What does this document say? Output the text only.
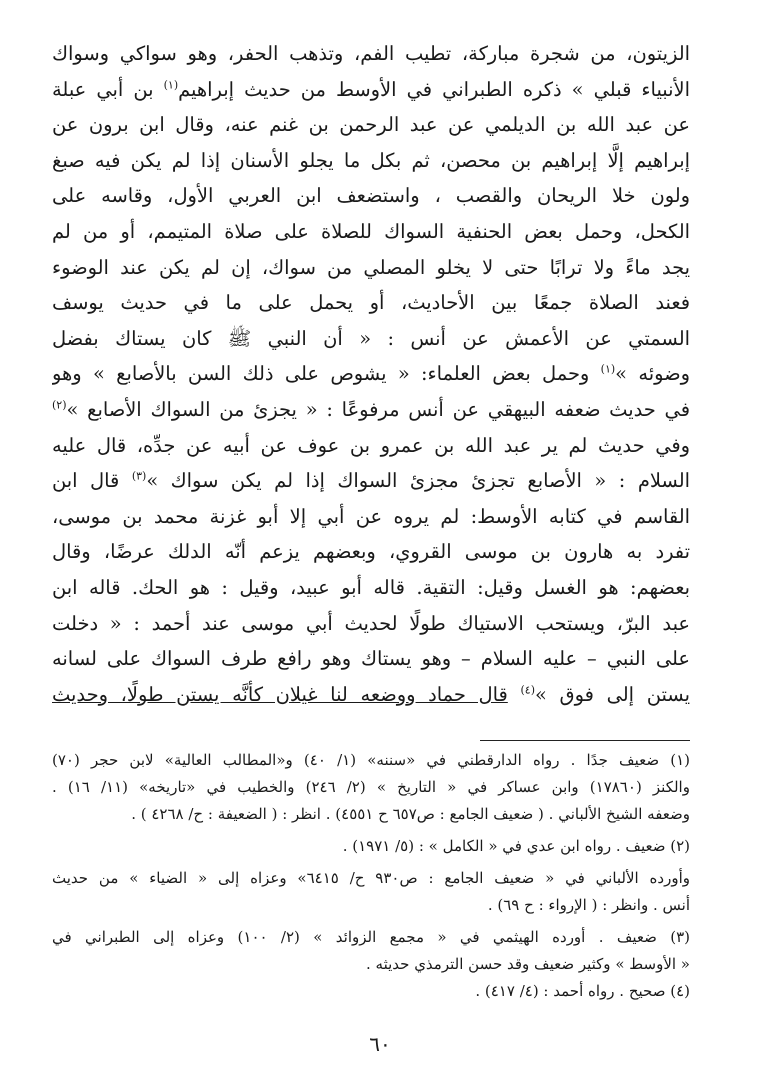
الزيتون، من شجرة مباركة، تطيب الفم، وتذهب الحفر، وهو سواكي وسواك
الأنبياء قبلي » ذكره الطبراني في الأوسط من حديث إبراهيم$^{(١)}$ بن أبي عبلة
عن عبد الله بن الديلمي عن عبد الرحمن بن غنم عنه، وقال ابن برون عن
إبراهيم إلَّا إبراهيم بن محصن، ثم بكل ما يجلو الأسنان إذا لم يكن فيه صبغ
ولون خلا الريحان والقصب ، واستضعف ابن العربي الأول، وقاسه على
الكحل، وحمل بعض الحنفية السواك للصلاة على صلاة المتيمم، أو من لم
يجد ماءً ولا ترابًا حتى لا يخلو المصلي من سواك، إن لم يكن عند الوضوء
فعند الصلاة جمعًا بين الأحاديث، أو يحمل على ما في حديث يوسف
السمتي عن الأعمش عن أنس : « أن النبي ﷺ كان يستاك بفضل
وضوئه »$^{(١)}$ وحمل بعض العلماء: « يشوص على ذلك السن بالأصابع » وهو
في حديث ضعفه البيهقي عن أنس مرفوعًا : « يجزئ من السواك الأصابع »$^{(٢)}$
وفي حديث لم ير عبد الله بن عمرو بن عوف عن أبيه عن جدِّه، قال عليه
السلام : « الأصابع تجزئ مجزئ السواك إذا لم يكن سواك »$^{(٣)}$ قال ابن
القاسم في كتابه الأوسط: لم يروه عن أبي إلا أبو غزنة محمد بن موسى،
تفرد به هارون بن موسى القروي، وبعضهم يزعم أنّه الدلك عرضًا، وقال
بعضهم: هو الغسل وقيل: التقية. قاله أبو عبيد، وقيل : هو الحك. قاله ابن
عبد البرّ، ويستحب الاستياك طولًا لحديث أبي موسى عند أحمد : « دخلت
على النبي – عليه السلام – وهو يستاك وهو رافع طرف السواك على لسانه
يستن إلى فوق »$^{(٤)}$ قال حماد ووضعه لنا غيلان كأنَّه يستن طولًا، وحديث
(١) ضعيف جدًا . رواه الدارقطني في «سننه» (١/ ٤٠) و«المطالب العالية» لابن حجر (٧٠)
والكنز (١٧٨٦٠) وابن عساكر في « التاريخ » (٢/ ٢٤٦) والخطيب في «تاريخه» (١١/ ١٦) .
وضعفه الشيخ الألباني . ( ضعيف الجامع : ص٦٥٧ ح ٤٥٥١) . انظر : ( الضعيفة : ح/ ٤٢٦٨ ) .
(٢) ضعيف . رواه ابن عدي في « الكامل » : (٥/ ١٩٧١) .
وأورده الألباني في « ضعيف الجامع : ص٩٣٠ ح/ ٦٤١٥» وعزاه إلى « الضياء » من حديث
أنس . وانظر : ( الإرواء : ح ٦٩) .
(٣) ضعيف . أورده الهيثمي في « مجمع الزوائد » (٢/ ١٠٠) وعزاه إلى الطبراني في
« الأوسط » وكثير ضعيف وقد حسن الترمذي حديثه .
(٤) صحيح . رواه أحمد : (٤/ ٤١٧) .
٦٠
